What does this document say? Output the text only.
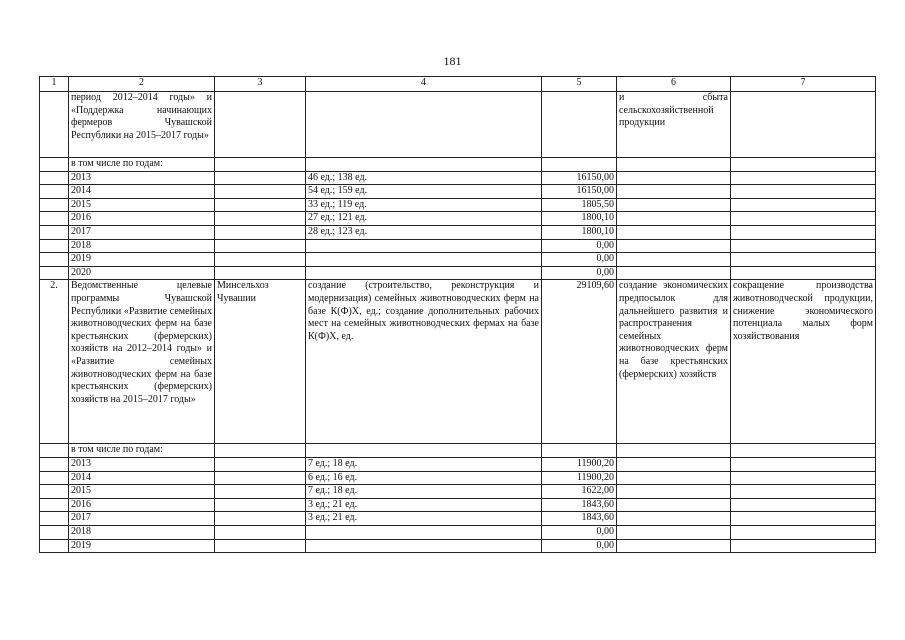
181
1	2	3	4	5	6	7
	период 2012–2014 годы» и «Поддержка начинающих фермеров Чувашской Республики на 2015–2017 годы»				и сбыта сельскохозяйственной продукции	
	в том числе по годам:					
	2013		46 ед.; 138 ед.	16150,00		
	2014		54 ед.; 159 ед.	16150,00		
	2015		33 ед.; 119 ед.	1805,50		
	2016		27 ед.; 121 ед.	1800,10		
	2017		28 ед.; 123 ед.	1800,10		
	2018			0,00		
	2019			0,00		
	2020			0,00		
2.	Ведомственные целевые программы Чувашской Республики «Развитие семейных животноводческих ферм на базе крестьянских (фермерских) хозяйств на 2012–2014 годы» и «Развитие семейных животноводческих ферм на базе крестьянских (фермерских) хозяйств на 2015–2017 годы»	Минсельхоз Чувашии	создание (строительство, реконструкция и модернизация) семейных животноводческих ферм на базе К(Ф)Х, ед.; создание дополнительных рабочих мест на семейных животноводческих фермах на базе К(Ф)Х, ед.	29109,60	создание экономических предпосылок для дальнейшего развития и распространения семейных животноводческих ферм на базе крестьянских (фермерских) хозяйств	сокращение производства животноводческой продукции, снижение экономического потенциала малых форм хозяйствования
	в том числе по годам:					
	2013		7 ед.; 18 ед.	11900,20		
	2014		6 ед.; 16 ед.	11900,20		
	2015		7 ед.; 18 ед.	1622,00		
	2016		3 ед.; 21 ед.	1843,60		
	2017		3 ед.; 21 ед.	1843,60		
	2018			0,00		
	2019			0,00		
